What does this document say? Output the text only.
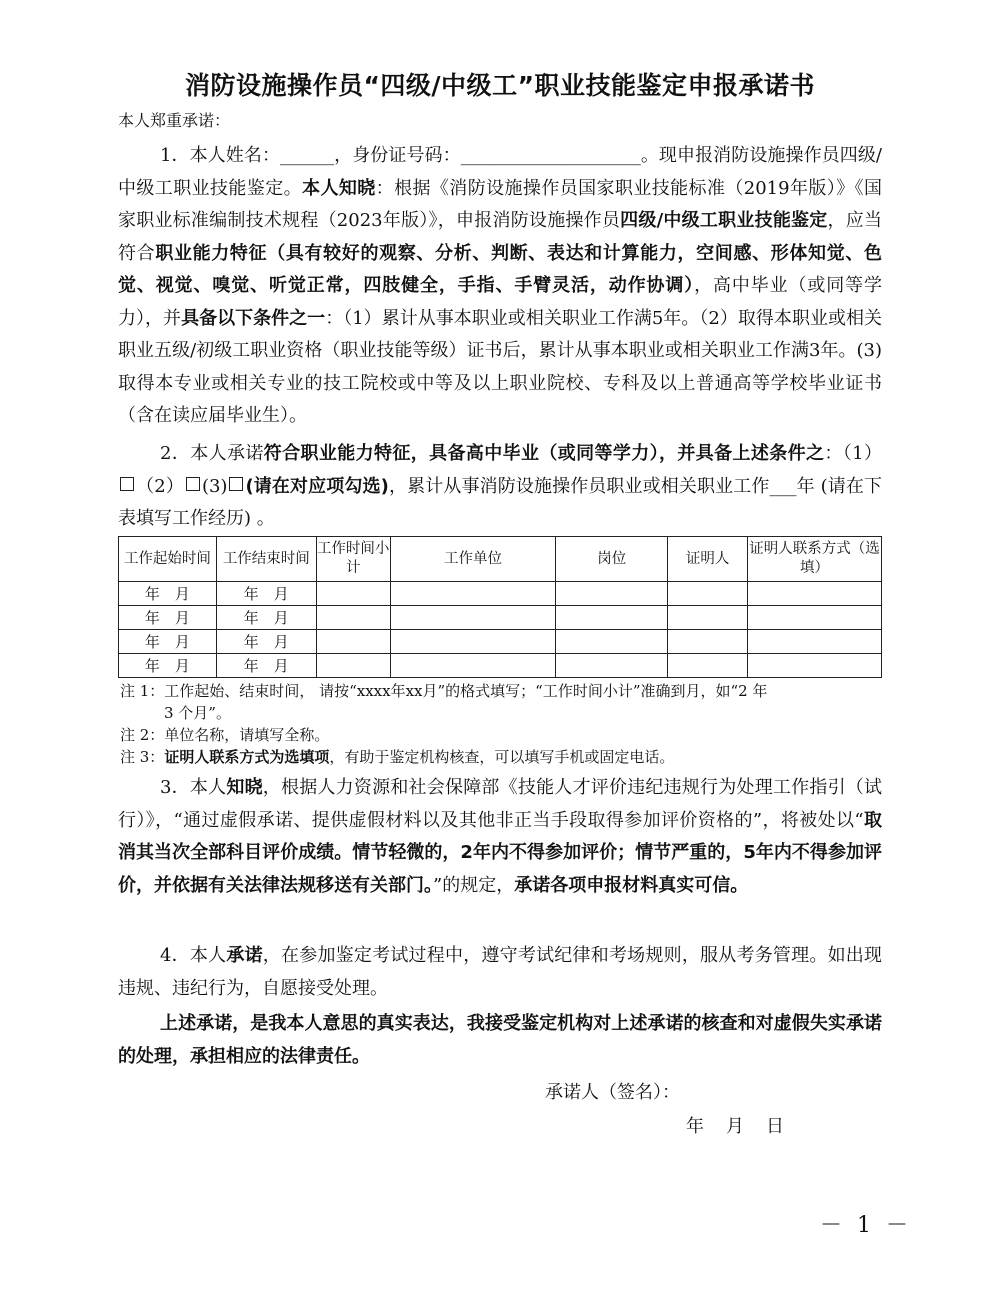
消防设施操作员“四级/中级工”职业技能鉴定申报承诺书
本人郑重承诺：
1．本人姓名：______，身份证号码：____________________。现申报消防设施操作员四级/中级工职业技能鉴定。本人知晓：根据《消防设施操作员国家职业技能标准（2019年版）》《国家职业标准编制技术规程（2023年版）》，申报消防设施操作员四级/中级工职业技能鉴定，应当符合职业能力特征（具有较好的观察、分析、判断、表达和计算能力，空间感、形体知觉、色觉、视觉、嗅觉、听觉正常，四肢健全，手指、手臂灵活，动作协调），高中毕业（或同等学力），并具备以下条件之一：（1）累计从事本职业或相关职业工作满5年。（2）取得本职业或相关职业五级/初级工职业资格（职业技能等级）证书后，累计从事本职业或相关职业工作满3年。(3) 取得本专业或相关专业的技工院校或中等及以上职业院校、专科及以上普通高等学校毕业证书（含在读应届毕业生）。
2．本人承诺符合职业能力特征，具备高中毕业（或同等学力），并具备上述条件之：（1）（2） (3) (请在对应项勾选)，累计从事消防设施操作员职业或相关职业工作___年 (请在下表填写工作经历) 。
工作起始时间	工作结束时间	工作时间小计	工作单位	岗位	证明人	证明人联系方式（选填）
年　月	年　月					
年　月	年　月					
年　月	年　月					
年　月	年　月					
注 1：工作起始、结束时间， 请按“xxxx年xx月”的格式填写；“工作时间小计”准确到月，如“2 年
3 个月”。
注 2：单位名称，请填写全称。
注 3：证明人联系方式为选填项，有助于鉴定机构核查，可以填写手机或固定电话。
3．本人知晓，根据人力资源和社会保障部《技能人才评价违纪违规行为处理工作指引（试行）》，“通过虚假承诺、提供虚假材料以及其他非正当手段取得参加评价资格的”，将被处以“取消其当次全部科目评价成绩。情节轻微的，2年内不得参加评价；情节严重的，5年内不得参加评价，并依据有关法律法规移送有关部门。”的规定，承诺各项申报材料真实可信。
4．本人承诺，在参加鉴定考试过程中，遵守考试纪律和考场规则，服从考务管理。如出现违规、违纪行为，自愿接受处理。
上述承诺，是我本人意思的真实表达，我接受鉴定机构对上述承诺的核查和对虚假失实承诺的处理，承担相应的法律责任。
承诺人（签名）：
年　月　日
－ 1 －
